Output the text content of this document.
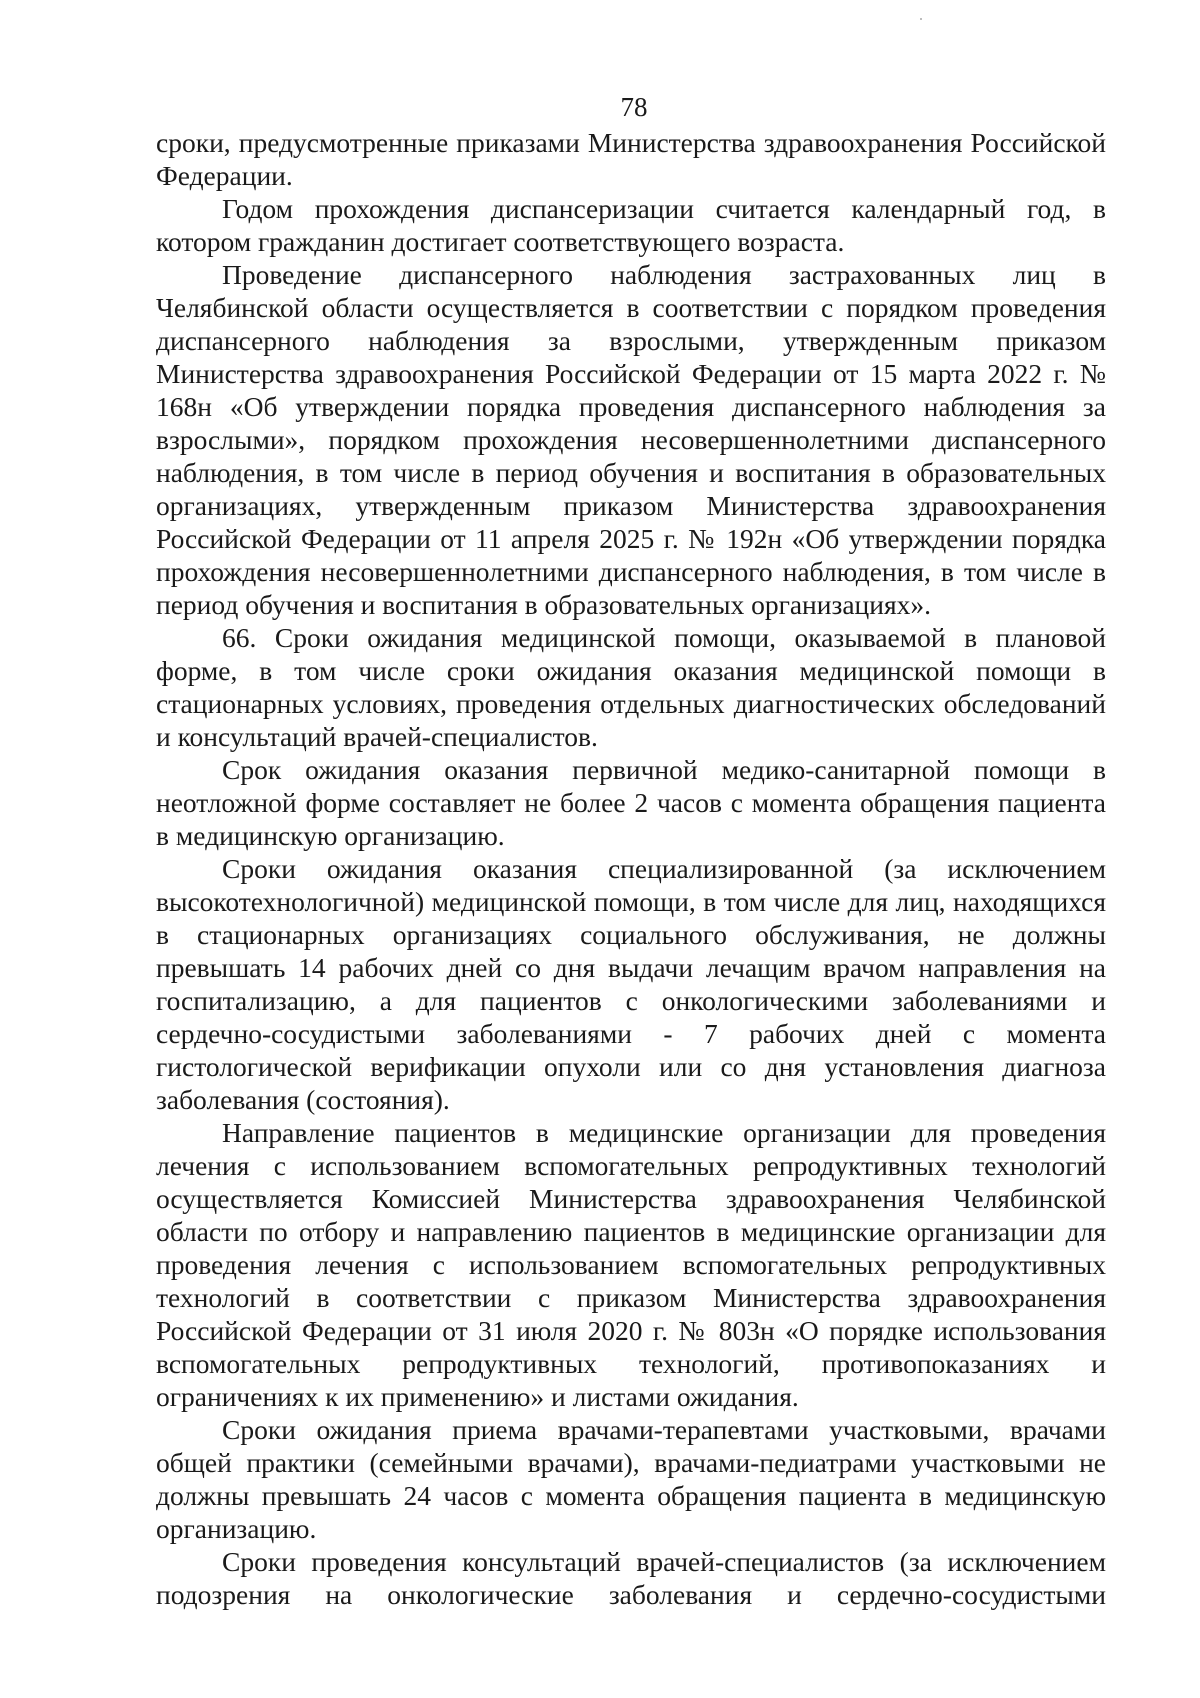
78

сроки, предусмотренные приказами Министерства здравоохранения Российской Федерации.

Годом прохождения диспансеризации считается календарный год, в котором гражданин достигает соответствующего возраста.

Проведение диспансерного наблюдения застрахованных лиц в Челябинской области осуществляется в соответствии с порядком проведения диспансерного наблюдения за взрослыми, утвержденным приказом Министерства здравоохранения Российской Федерации от 15 марта 2022 г. № 168н «Об утверждении порядка проведения диспансерного наблюдения за взрослыми», порядком прохождения несовершеннолетними диспансерного наблюдения, в том числе в период обучения и воспитания в образовательных организациях, утвержденным приказом Министерства здравоохранения Российской Федерации от 11 апреля 2025 г. № 192н «Об утверждении порядка прохождения несовершеннолетними диспансерного наблюдения, в том числе в период обучения и воспитания в образовательных организациях».

66. Сроки ожидания медицинской помощи, оказываемой в плановой форме, в том числе сроки ожидания оказания медицинской помощи в стационарных условиях, проведения отдельных диагностических обследований и консультаций врачей-специалистов.

Срок ожидания оказания первичной медико-санитарной помощи в неотложной форме составляет не более 2 часов с момента обращения пациента в медицинскую организацию.

Сроки ожидания оказания специализированной (за исключением высокотехнологичной) медицинской помощи, в том числе для лиц, находящихся в стационарных организациях социального обслуживания, не должны превышать 14 рабочих дней со дня выдачи лечащим врачом направления на госпитализацию, а для пациентов с онкологическими заболеваниями и сердечно-сосудистыми заболеваниями - 7 рабочих дней с момента гистологической верификации опухоли или со дня установления диагноза заболевания (состояния).

Направление пациентов в медицинские организации для проведения лечения с использованием вспомогательных репродуктивных технологий осуществляется Комиссией Министерства здравоохранения Челябинской области по отбору и направлению пациентов в медицинские организации для проведения лечения с использованием вспомогательных репродуктивных технологий в соответствии с приказом Министерства здравоохранения Российской Федерации от 31 июля 2020 г. № 803н «О порядке использования вспомогательных репродуктивных технологий, противопоказаниях и ограничениях к их применению» и листами ожидания.

Сроки ожидания приема врачами-терапевтами участковыми, врачами общей практики (семейными врачами), врачами-педиатрами участковыми не должны превышать 24 часов с момента обращения пациента в медицинскую организацию.

Сроки проведения консультаций врачей-специалистов (за исключением подозрения на онкологические заболевания и сердечно-сосудистыми
